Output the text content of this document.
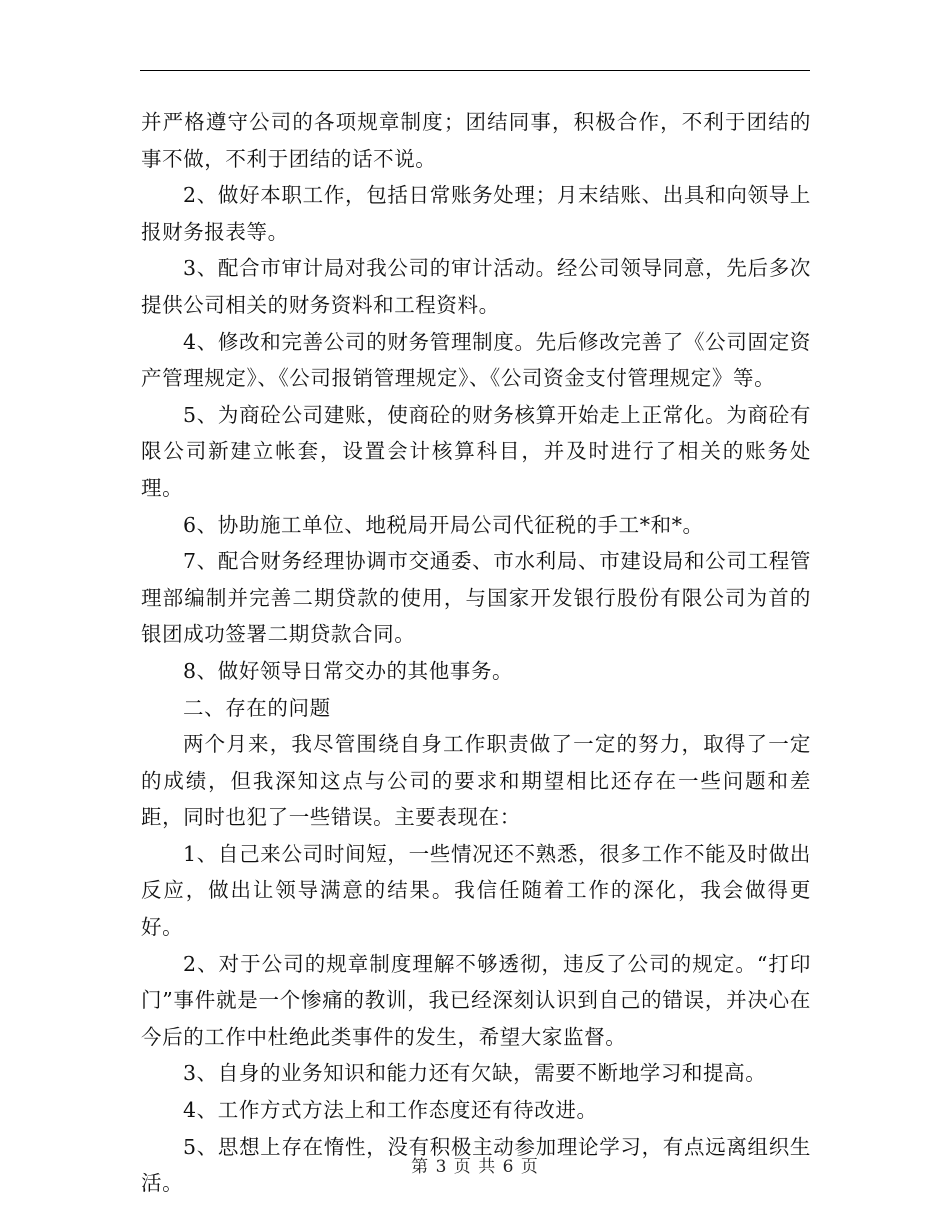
并严格遵守公司的各项规章制度；团结同事，积极合作，不利于团结的事不做，不利于团结的话不说。

2、做好本职工作，包括日常账务处理；月末结账、出具和向领导上报财务报表等。

3、配合市审计局对我公司的审计活动。经公司领导同意，先后多次提供公司相关的财务资料和工程资料。

4、修改和完善公司的财务管理制度。先后修改完善了《公司固定资产管理规定》、《公司报销管理规定》、《公司资金支付管理规定》等。

5、为商砼公司建账，使商砼的财务核算开始走上正常化。为商砼有限公司新建立帐套，设置会计核算科目，并及时进行了相关的账务处理。

6、协助施工单位、地税局开局公司代征税的手工*和*。

7、配合财务经理协调市交通委、市水利局、市建设局和公司工程管理部编制并完善二期贷款的使用，与国家开发银行股份有限公司为首的银团成功签署二期贷款合同。

8、做好领导日常交办的其他事务。

二、存在的问题

两个月来，我尽管围绕自身工作职责做了一定的努力，取得了一定的成绩，但我深知这点与公司的要求和期望相比还存在一些问题和差距，同时也犯了一些错误。主要表现在：

1、自己来公司时间短，一些情况还不熟悉，很多工作不能及时做出反应，做出让领导满意的结果。我信任随着工作的深化，我会做得更好。

2、对于公司的规章制度理解不够透彻，违反了公司的规定。“打印门”事件就是一个惨痛的教训，我已经深刻认识到自己的错误，并决心在今后的工作中杜绝此类事件的发生，希望大家监督。

3、自身的业务知识和能力还有欠缺，需要不断地学习和提高。

4、工作方式方法上和工作态度还有待改进。

5、思想上存在惰性，没有积极主动参加理论学习，有点远离组织生活。

第 3 页 共 6 页
